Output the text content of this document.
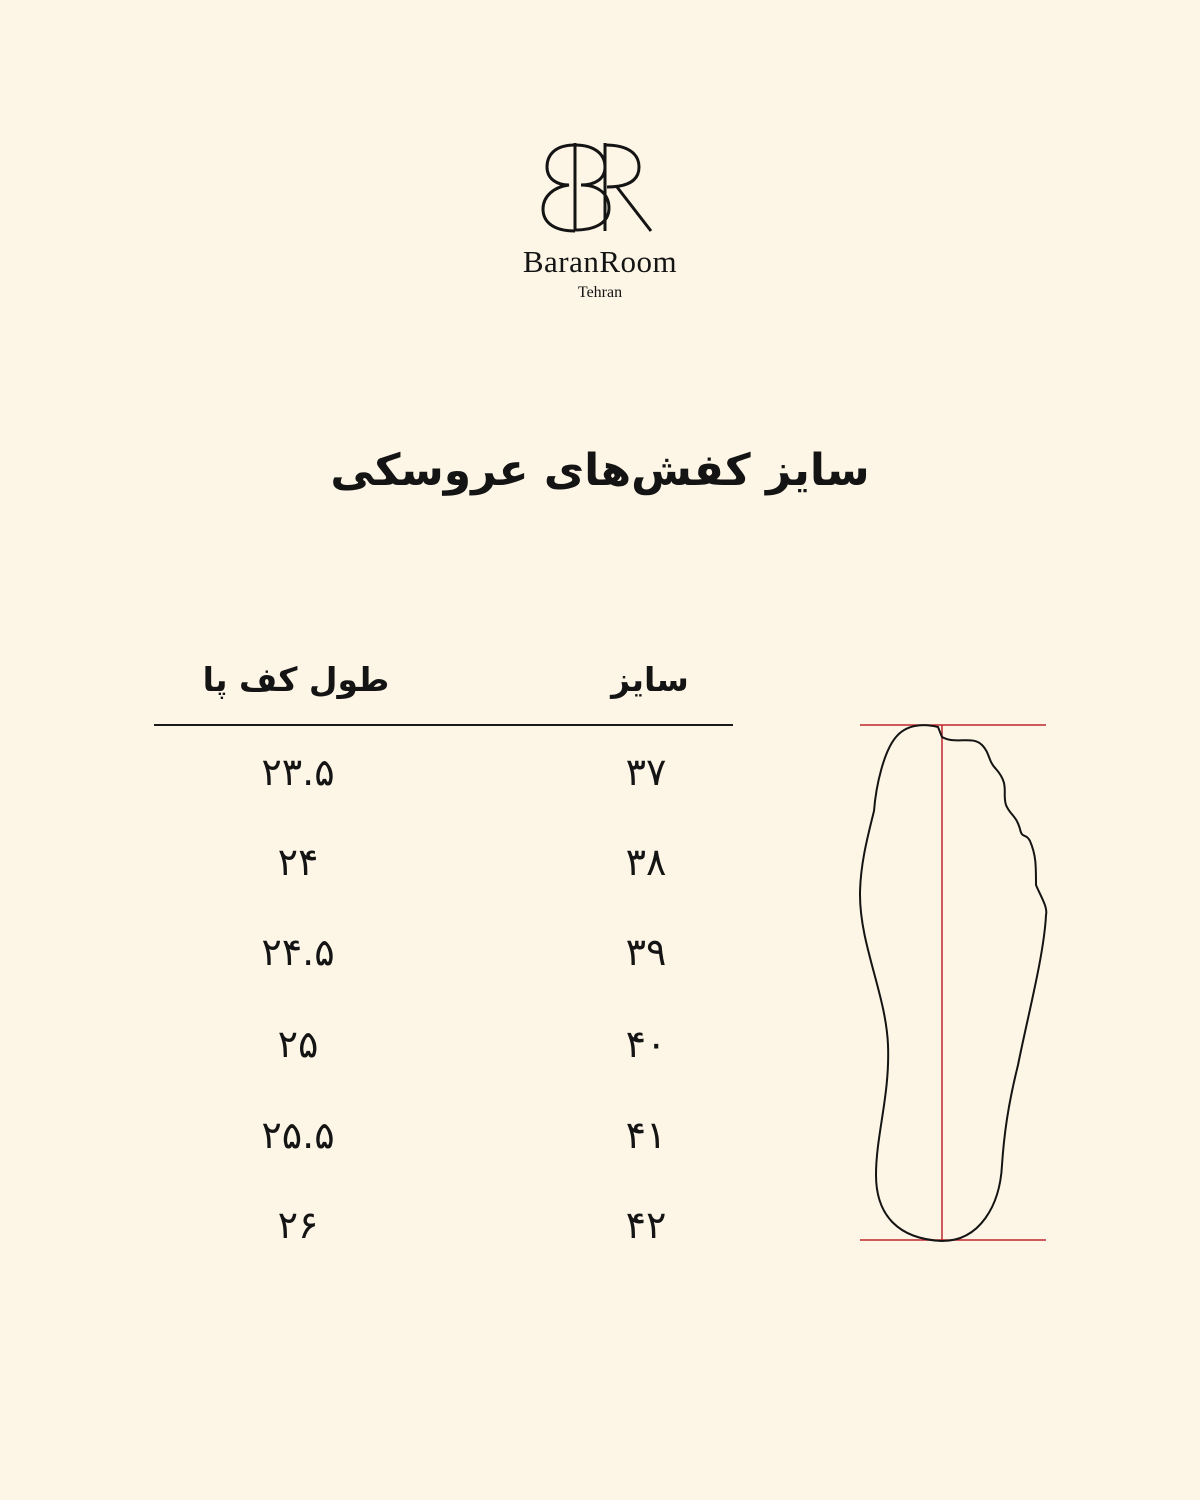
BaranRoom
Tehran
سایز کفش‌های عروسکی
سایز
طول کف پا
۳۷
۲۳.۵
۳۸
۲۴
۳۹
۲۴.۵
۴۰
۲۵
۴۱
۲۵.۵
۴۲
۲۶
